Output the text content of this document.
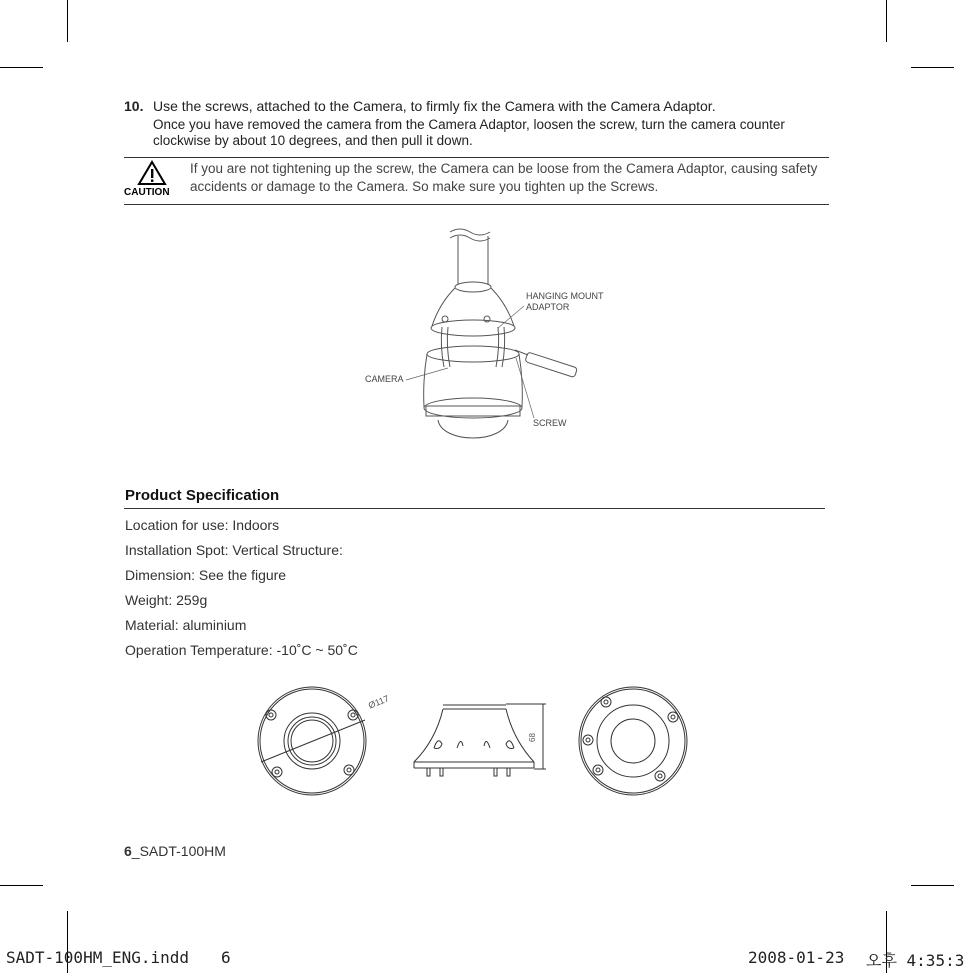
10. Use the screws, attached to the Camera, to firmly fix the Camera with the Camera Adaptor.
Once you have removed the camera from the Camera Adaptor, loosen the screw, turn the camera counter clockwise by about 10 degrees, and then pull it down.
CAUTION
If you are not tightening up the screw, the Camera can be loose from the Camera Adaptor, causing safety accidents or damage to the Camera. So make sure you tighten up the Screws.
HANGING MOUNT
ADAPTOR
CAMERA
SCREW
Product Specification
Location for use: Indoors
Installation Spot: Vertical Structure:
Dimension: See the figure
Weight: 259g
Material: aluminium
Operation Temperature: -10˚C ~ 50˚C
Ø117
68
6_SADT-100HM
SADT-100HM_ENG.indd 6	2008-01-23 오후 4:35:3
